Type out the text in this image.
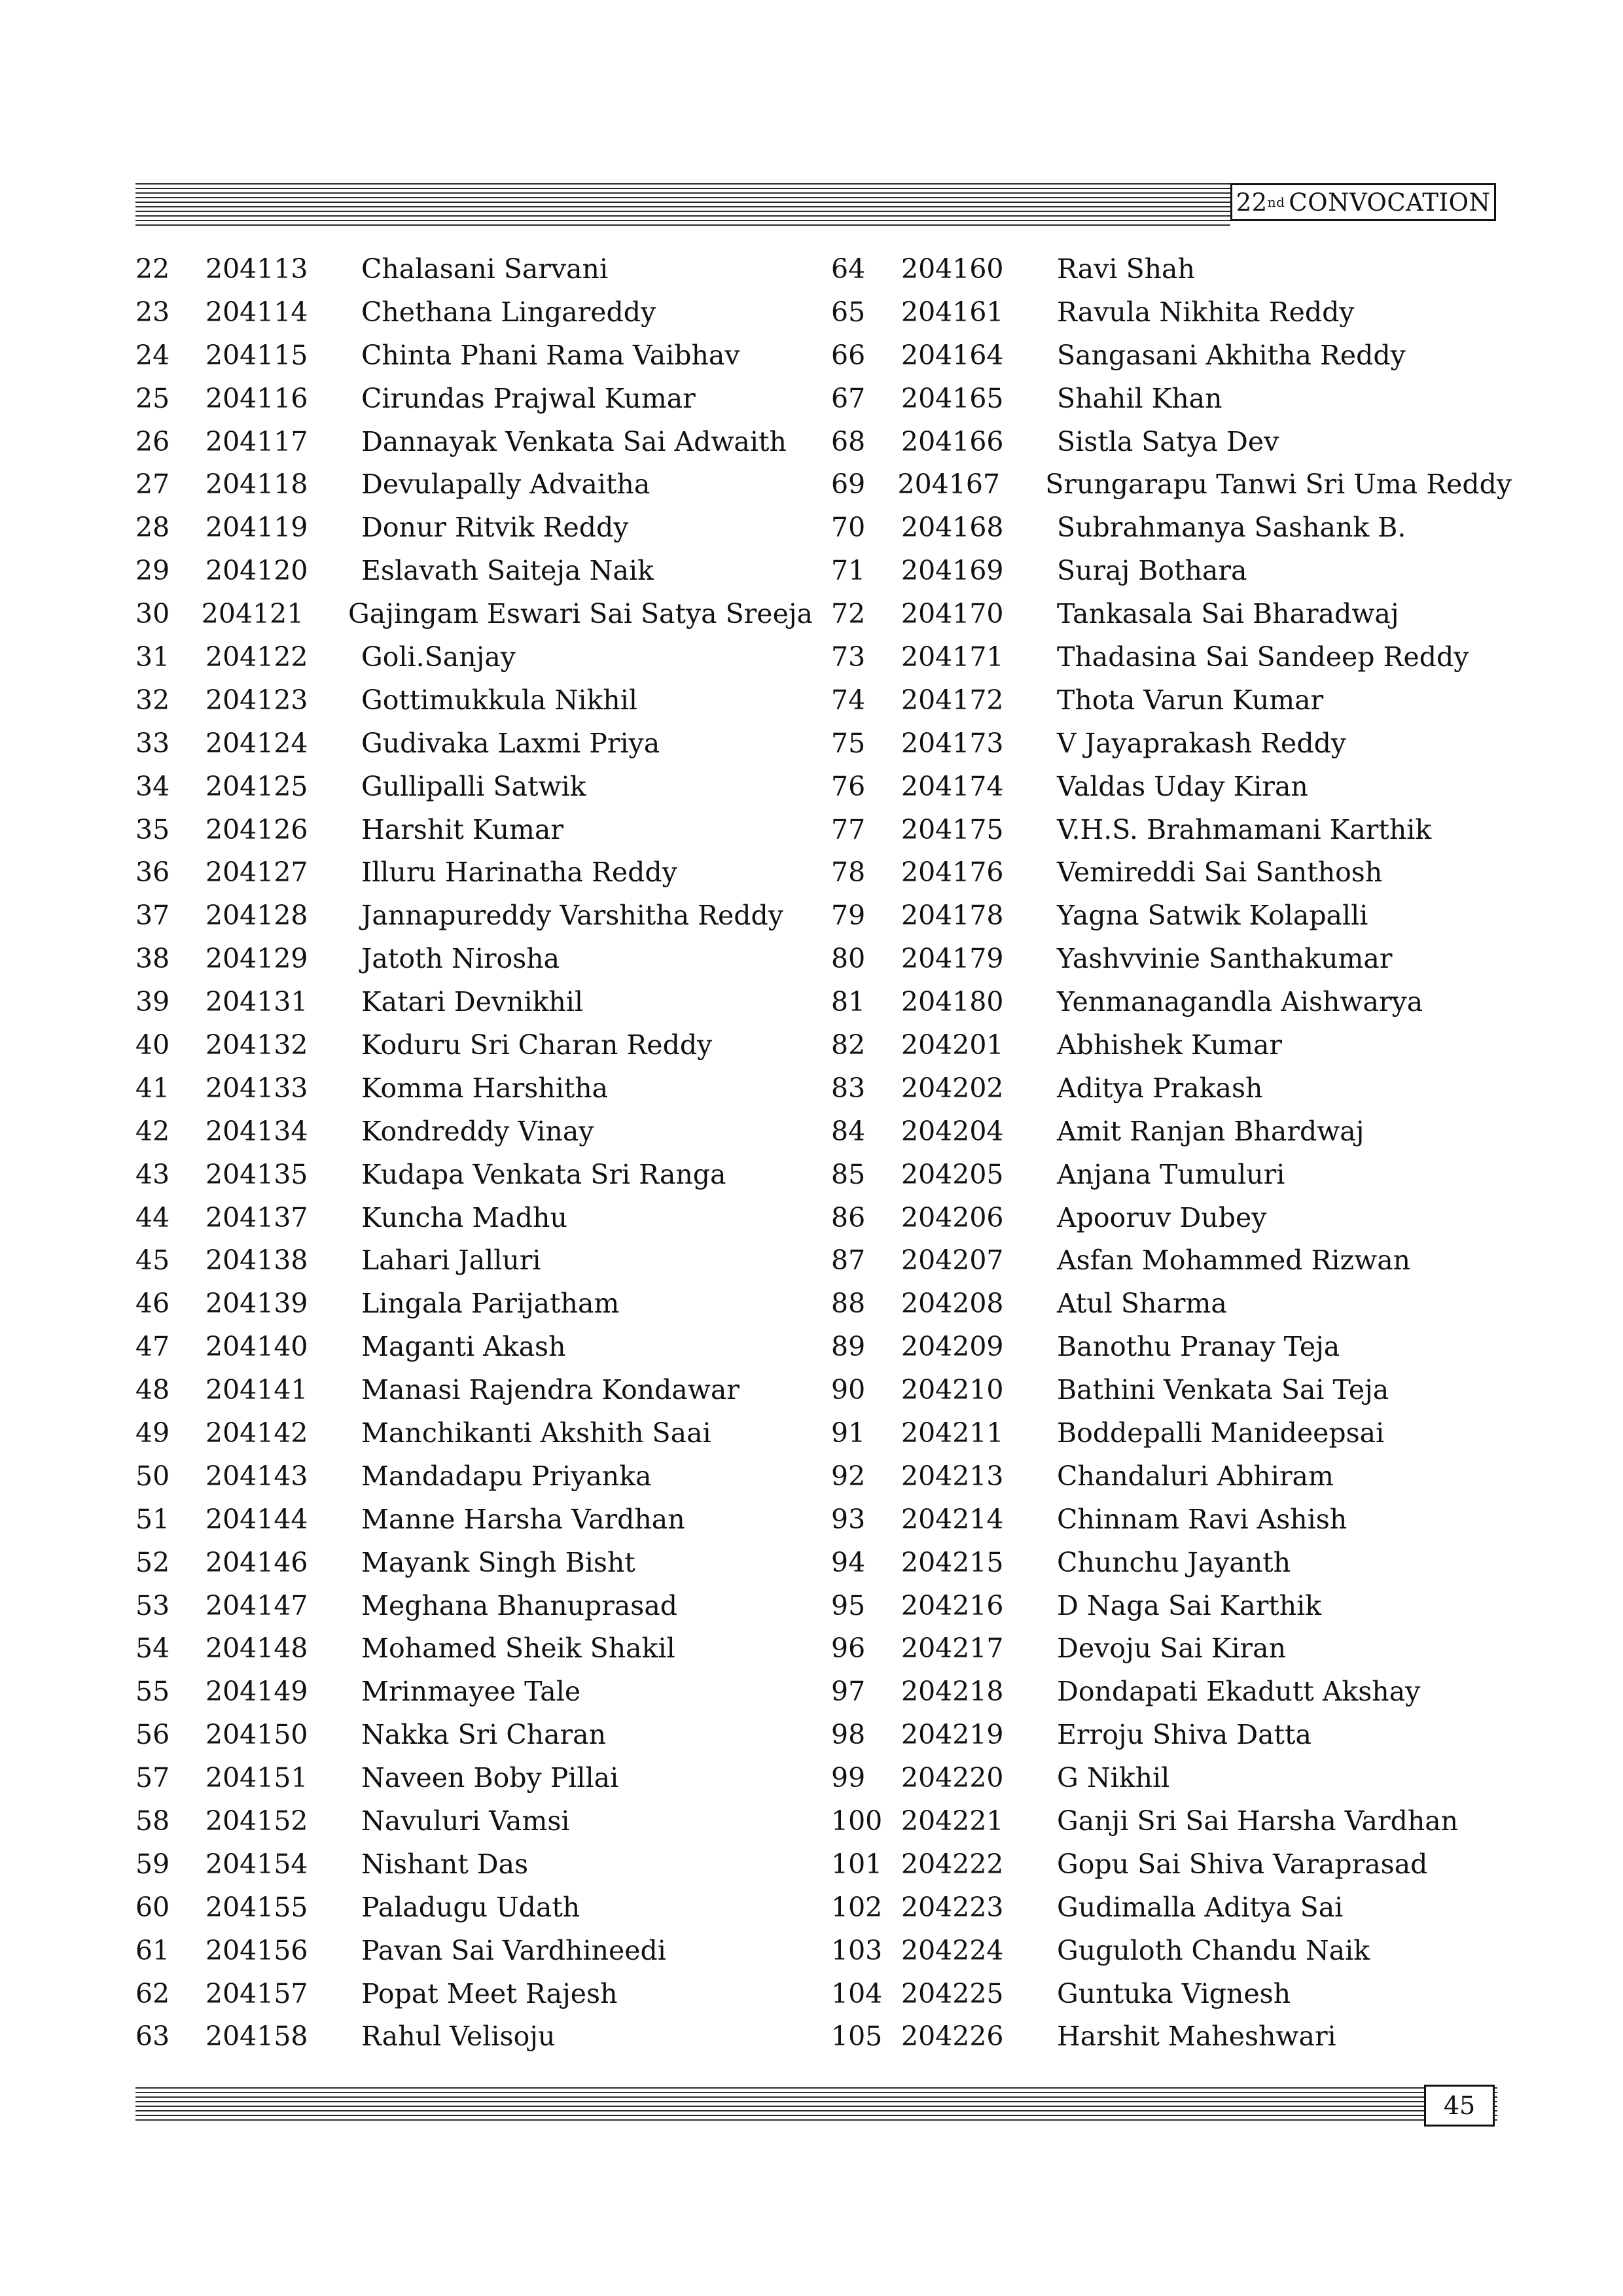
22 nd CONVOCATION
22	204113	Chalasani Sarvani
23	204114	Chethana Lingareddy
24	204115	Chinta Phani Rama Vaibhav
25	204116	Cirundas Prajwal Kumar
26	204117	Dannayak Venkata Sai Adwaith
27	204118	Devulapally Advaitha
28	204119	Donur Ritvik Reddy
29	204120	Eslavath Saiteja Naik
30	204121	Gajingam Eswari Sai Satya Sreeja
31	204122	Goli.Sanjay
32	204123	Gottimukkula Nikhil
33	204124	Gudivaka Laxmi Priya
34	204125	Gullipalli Satwik
35	204126	Harshit Kumar
36	204127	Illuru Harinatha Reddy
37	204128	Jannapureddy Varshitha Reddy
38	204129	Jatoth Nirosha
39	204131	Katari Devnikhil
40	204132	Koduru Sri Charan Reddy
41	204133	Komma Harshitha
42	204134	Kondreddy Vinay
43	204135	Kudapa Venkata Sri Ranga
44	204137	Kuncha Madhu
45	204138	Lahari Jalluri
46	204139	Lingala Parijatham
47	204140	Maganti Akash
48	204141	Manasi Rajendra Kondawar
49	204142	Manchikanti Akshith Saai
50	204143	Mandadapu Priyanka
51	204144	Manne Harsha Vardhan
52	204146	Mayank Singh Bisht
53	204147	Meghana Bhanuprasad
54	204148	Mohamed Sheik Shakil
55	204149	Mrinmayee Tale
56	204150	Nakka Sri Charan
57	204151	Naveen Boby Pillai
58	204152	Navuluri Vamsi
59	204154	Nishant Das
60	204155	Paladugu Udath
61	204156	Pavan Sai Vardhineedi
62	204157	Popat Meet Rajesh
63	204158	Rahul Velisoju
64	204160	Ravi Shah
65	204161	Ravula Nikhita Reddy
66	204164	Sangasani Akhitha Reddy
67	204165	Shahil Khan
68	204166	Sistla Satya Dev
69	204167	Srungarapu Tanwi Sri Uma Reddy
70	204168	Subrahmanya Sashank B.
71	204169	Suraj Bothara
72	204170	Tankasala Sai Bharadwaj
73	204171	Thadasina Sai Sandeep Reddy
74	204172	Thota Varun Kumar
75	204173	V Jayaprakash Reddy
76	204174	Valdas Uday Kiran
77	204175	V.H.S. Brahmamani Karthik
78	204176	Vemireddi Sai Santhosh
79	204178	Yagna Satwik Kolapalli
80	204179	Yashvvinie Santhakumar
81	204180	Yenmanagandla Aishwarya
82	204201	Abhishek Kumar
83	204202	Aditya Prakash
84	204204	Amit Ranjan Bhardwaj
85	204205	Anjana Tumuluri
86	204206	Apooruv Dubey
87	204207	Asfan Mohammed Rizwan
88	204208	Atul Sharma
89	204209	Banothu Pranay Teja
90	204210	Bathini Venkata Sai Teja
91	204211	Boddepalli Manideepsai
92	204213	Chandaluri Abhiram
93	204214	Chinnam Ravi Ashish
94	204215	Chunchu Jayanth
95	204216	D Naga Sai Karthik
96	204217	Devoju Sai Kiran
97	204218	Dondapati Ekadutt Akshay
98	204219	Erroju Shiva Datta
99	204220	G Nikhil
100 204221	Ganji Sri Sai Harsha Vardhan
101 204222	Gopu Sai Shiva Varaprasad
102 204223	Gudimalla Aditya Sai
103 204224	Guguloth Chandu Naik
104 204225	Guntuka Vignesh
105 204226	Harshit Maheshwari
45
